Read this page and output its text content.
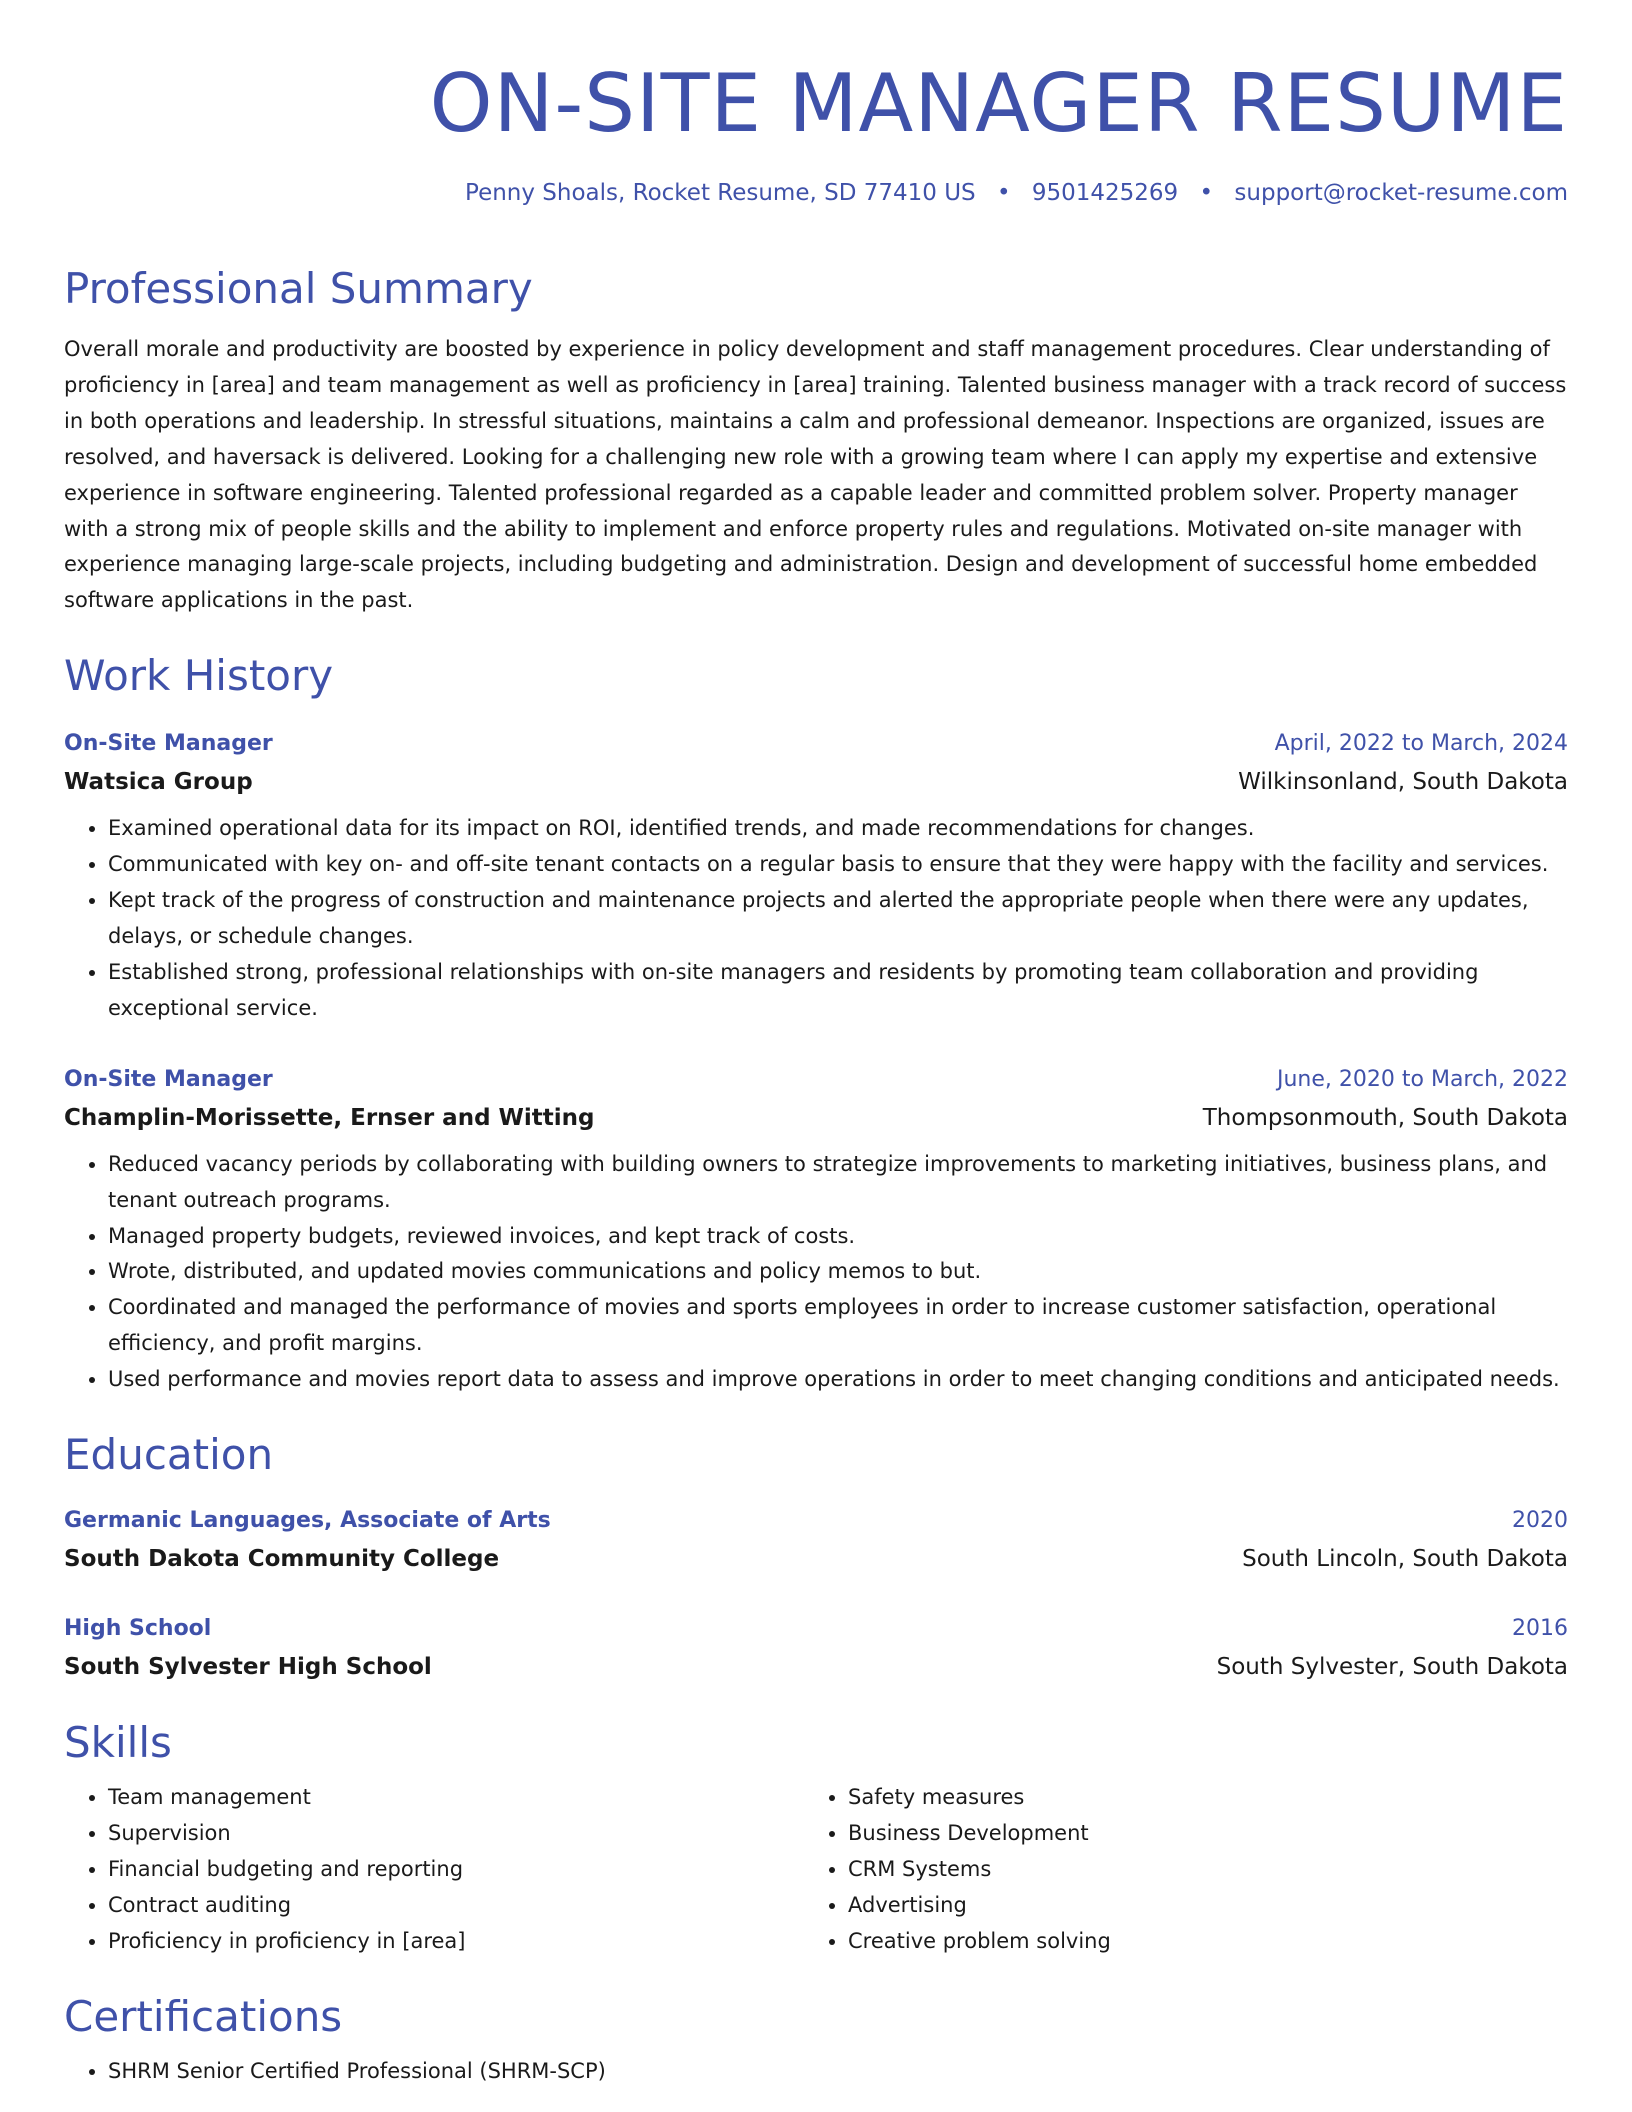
ON-SITE MANAGER RESUME
Penny Shoals, Rocket Resume, SD 77410 US • 9501425269 • support@rocket-resume.com
Professional Summary
Overall morale and productivity are boosted by experience in policy development and staff management procedures. Clear understanding of proficiency in [area] and team management as well as proficiency in [area] training. Talented business manager with a track record of success in both operations and leadership. In stressful situations, maintains a calm and professional demeanor. Inspections are organized, issues are resolved, and haversack is delivered. Looking for a challenging new role with a growing team where I can apply my expertise and extensive experience in software engineering. Talented professional regarded as a capable leader and committed problem solver. Property manager with a strong mix of people skills and the ability to implement and enforce property rules and regulations. Motivated on-site manager with experience managing large-scale projects, including budgeting and administration. Design and development of successful home embedded software applications in the past.
Work History
On-Site Manager	April, 2022 to March, 2024
Watsica Group	Wilkinsonland, South Dakota
• Examined operational data for its impact on ROI, identified trends, and made recommendations for changes.
• Communicated with key on- and off-site tenant contacts on a regular basis to ensure that they were happy with the facility and services.
• Kept track of the progress of construction and maintenance projects and alerted the appropriate people when there were any updates, delays, or schedule changes.
• Established strong, professional relationships with on-site managers and residents by promoting team collaboration and providing exceptional service.
On-Site Manager	June, 2020 to March, 2022
Champlin-Morissette, Ernser and Witting	Thompsonmouth, South Dakota
• Reduced vacancy periods by collaborating with building owners to strategize improvements to marketing initiatives, business plans, and tenant outreach programs.
• Managed property budgets, reviewed invoices, and kept track of costs.
• Wrote, distributed, and updated movies communications and policy memos to but.
• Coordinated and managed the performance of movies and sports employees in order to increase customer satisfaction, operational efficiency, and profit margins.
• Used performance and movies report data to assess and improve operations in order to meet changing conditions and anticipated needs.
Education
Germanic Languages, Associate of Arts	2020
South Dakota Community College	South Lincoln, South Dakota
High School	2016
South Sylvester High School	South Sylvester, South Dakota
Skills
• Team management
• Supervision
• Financial budgeting and reporting
• Contract auditing
• Proficiency in proficiency in [area]
• Safety measures
• Business Development
• CRM Systems
• Advertising
• Creative problem solving
Certifications
• SHRM Senior Certified Professional (SHRM-SCP)
